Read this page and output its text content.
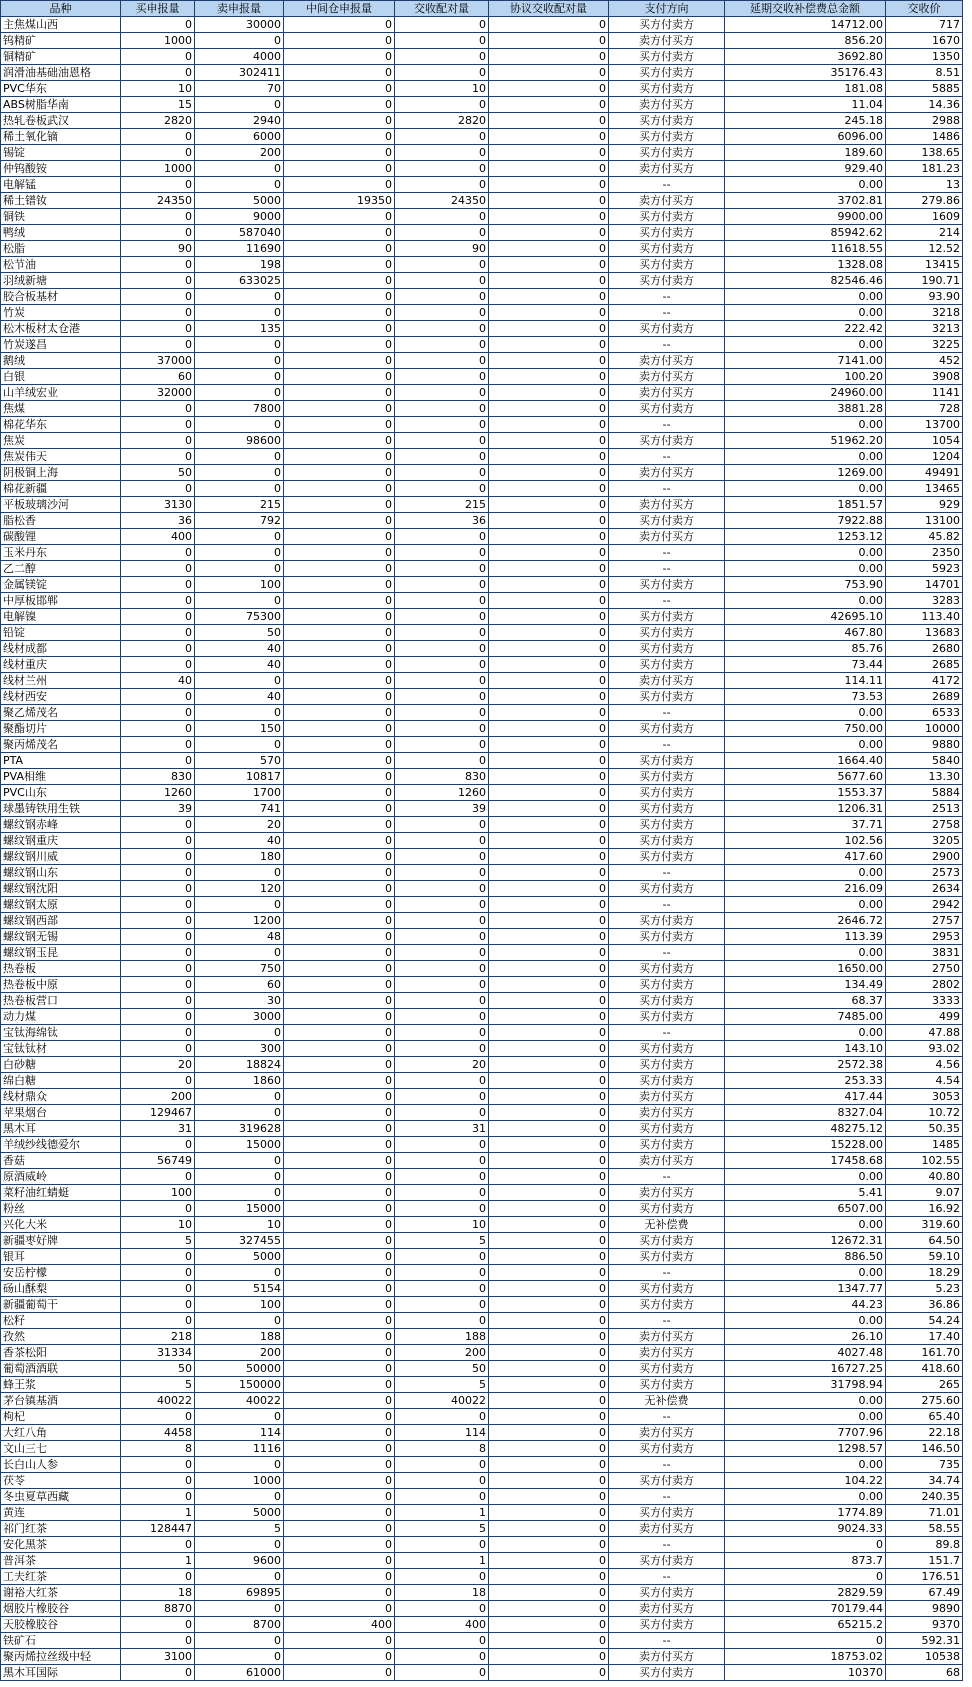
品种	买申报量	卖申报量	中间仓申报量	交收配对量	协议交收配对量	支付方向	延期交收补偿费总金额	交收价
主焦煤山西	0	30000	0	0	0	买方付卖方	14712.00	717
钨精矿	1000	0	0	0	0	卖方付买方	856.20	1670
铜精矿	0	4000	0	0	0	买方付卖方	3692.80	1350
润滑油基础油恩格	0	302411	0	0	0	买方付卖方	35176.43	8.51
PVC华东	10	70	0	10	0	买方付卖方	181.08	5885
ABS树脂华南	15	0	0	0	0	卖方付买方	11.04	14.36
热轧卷板武汉	2820	2940	0	2820	0	买方付卖方	245.18	2988
稀土氧化镝	0	6000	0	0	0	买方付卖方	6096.00	1486
锡锭	0	200	0	0	0	买方付卖方	189.60	138.65
仲钨酸铵	1000	0	0	0	0	卖方付买方	929.40	181.23
电解锰	0	0	0	0	0	--	0.00	13
稀土镨钕	24350	5000	19350	24350	0	卖方付买方	3702.81	279.86
铜铁	0	9000	0	0	0	买方付卖方	9900.00	1609
鸭绒	0	587040	0	0	0	买方付卖方	85942.62	214
松脂	90	11690	0	90	0	买方付卖方	11618.55	12.52
松节油	0	198	0	0	0	买方付卖方	1328.08	13415
羽绒新塘	0	633025	0	0	0	买方付卖方	82546.46	190.71
胶合板基材	0	0	0	0	0	--	0.00	93.90
竹炭	0	0	0	0	0	--	0.00	3218
松木板材太仓港	0	135	0	0	0	买方付卖方	222.42	3213
竹炭遂昌	0	0	0	0	0	--	0.00	3225
鹅绒	37000	0	0	0	0	卖方付买方	7141.00	452
白银	60	0	0	0	0	卖方付买方	100.20	3908
山羊绒宏业	32000	0	0	0	0	卖方付买方	24960.00	1141
焦煤	0	7800	0	0	0	买方付卖方	3881.28	728
棉花华东	0	0	0	0	0	--	0.00	13700
焦炭	0	98600	0	0	0	买方付卖方	51962.20	1054
焦炭伟天	0	0	0	0	0	--	0.00	1204
阴极铜上海	50	0	0	0	0	卖方付买方	1269.00	49491
棉花新疆	0	0	0	0	0	--	0.00	13465
平板玻璃沙河	3130	215	0	215	0	卖方付买方	1851.57	929
脂松香	36	792	0	36	0	买方付卖方	7922.88	13100
碳酸锂	400	0	0	0	0	卖方付买方	1253.12	45.82
玉米丹东	0	0	0	0	0	--	0.00	2350
乙二醇	0	0	0	0	0	--	0.00	5923
金属镁锭	0	100	0	0	0	买方付卖方	753.90	14701
中厚板邯郸	0	0	0	0	0	--	0.00	3283
电解镍	0	75300	0	0	0	买方付卖方	42695.10	113.40
铅锭	0	50	0	0	0	买方付卖方	467.80	13683
线材成都	0	40	0	0	0	买方付卖方	85.76	2680
线材重庆	0	40	0	0	0	买方付卖方	73.44	2685
线材兰州	40	0	0	0	0	卖方付买方	114.11	4172
线材西安	0	40	0	0	0	买方付卖方	73.53	2689
聚乙烯茂名	0	0	0	0	0	--	0.00	6533
聚酯切片	0	150	0	0	0	买方付卖方	750.00	10000
聚丙烯茂名	0	0	0	0	0	--	0.00	9880
PTA	0	570	0	0	0	买方付卖方	1664.40	5840
PVA相维	830	10817	0	830	0	买方付卖方	5677.60	13.30
PVC山东	1260	1700	0	1260	0	买方付卖方	1553.37	5884
球墨铸铁用生铁	39	741	0	39	0	买方付卖方	1206.31	2513
螺纹钢赤峰	0	20	0	0	0	买方付卖方	37.71	2758
螺纹钢重庆	0	40	0	0	0	买方付卖方	102.56	3205
螺纹钢川威	0	180	0	0	0	买方付卖方	417.60	2900
螺纹钢山东	0	0	0	0	0	--	0.00	2573
螺纹钢沈阳	0	120	0	0	0	买方付卖方	216.09	2634
螺纹钢太原	0	0	0	0	0	--	0.00	2942
螺纹钢西部	0	1200	0	0	0	买方付卖方	2646.72	2757
螺纹钢无锡	0	48	0	0	0	买方付卖方	113.39	2953
螺纹钢玉昆	0	0	0	0	0	--	0.00	3831
热卷板	0	750	0	0	0	买方付卖方	1650.00	2750
热卷板中原	0	60	0	0	0	买方付卖方	134.49	2802
热卷板营口	0	30	0	0	0	买方付卖方	68.37	3333
动力煤	0	3000	0	0	0	买方付卖方	7485.00	499
宝钛海绵钛	0	0	0	0	0	--	0.00	47.88
宝钛钛材	0	300	0	0	0	买方付卖方	143.10	93.02
白砂糖	20	18824	0	20	0	买方付卖方	2572.38	4.56
绵白糖	0	1860	0	0	0	买方付卖方	253.33	4.54
线材鼎众	200	0	0	0	0	卖方付买方	417.44	3053
苹果烟台	129467	0	0	0	0	卖方付买方	8327.04	10.72
黑木耳	31	319628	0	31	0	买方付卖方	48275.12	50.35
羊绒纱线德爱尔	0	15000	0	0	0	买方付卖方	15228.00	1485
香菇	56749	0	0	0	0	卖方付买方	17458.68	102.55
原酒威岭	0	0	0	0	0	--	0.00	40.80
菜籽油红蜻蜓	100	0	0	0	0	卖方付买方	5.41	9.07
粉丝	0	15000	0	0	0	买方付卖方	6507.00	16.92
兴化大米	10	10	0	10	0	无补偿费	0.00	319.60
新疆枣好牌	5	327455	0	5	0	买方付卖方	12672.31	64.50
银耳	0	5000	0	0	0	买方付卖方	886.50	59.10
安岳柠檬	0	0	0	0	0	--	0.00	18.29
砀山酥梨	0	5154	0	0	0	买方付卖方	1347.77	5.23
新疆葡萄干	0	100	0	0	0	买方付卖方	44.23	36.86
松籽	0	0	0	0	0	--	0.00	54.24
孜然	218	188	0	188	0	卖方付买方	26.10	17.40
香茶松阳	31334	200	0	200	0	卖方付买方	4027.48	161.70
葡萄酒酒联	50	50000	0	50	0	买方付卖方	16727.25	418.60
蜂王浆	5	150000	0	5	0	买方付卖方	31798.94	265
茅台镇基酒	40022	40022	0	40022	0	无补偿费	0.00	275.60
枸杞	0	0	0	0	0	--	0.00	65.40
大红八角	4458	114	0	114	0	卖方付买方	7707.96	22.18
文山三七	8	1116	0	8	0	买方付卖方	1298.57	146.50
长白山人参	0	0	0	0	0	--	0.00	735
茯苓	0	1000	0	0	0	买方付卖方	104.22	34.74
冬虫夏草西藏	0	0	0	0	0	--	0.00	240.35
黄连	1	5000	0	1	0	买方付卖方	1774.89	71.01
祁门红茶	128447	5	0	5	0	卖方付买方	9024.33	58.55
安化黑茶	0	0	0	0	0	--	0	89.8
普洱茶	1	9600	0	1	0	买方付卖方	873.7	151.7
工夫红茶	0	0	0	0	0	--	0	176.51
谢裕大红茶	18	69895	0	18	0	买方付卖方	2829.59	67.49
烟胶片橡胶谷	8870	0	0	0	0	卖方付买方	70179.44	9890
天胶橡胶谷	0	8700	400	400	0	买方付卖方	65215.2	9370
铁矿石	0	0	0	0	0	--	0	592.31
聚丙烯拉丝级中轻	3100	0	0	0	0	卖方付买方	18753.02	10538
黑木耳国际	0	61000	0	0	0	买方付卖方	10370	68
